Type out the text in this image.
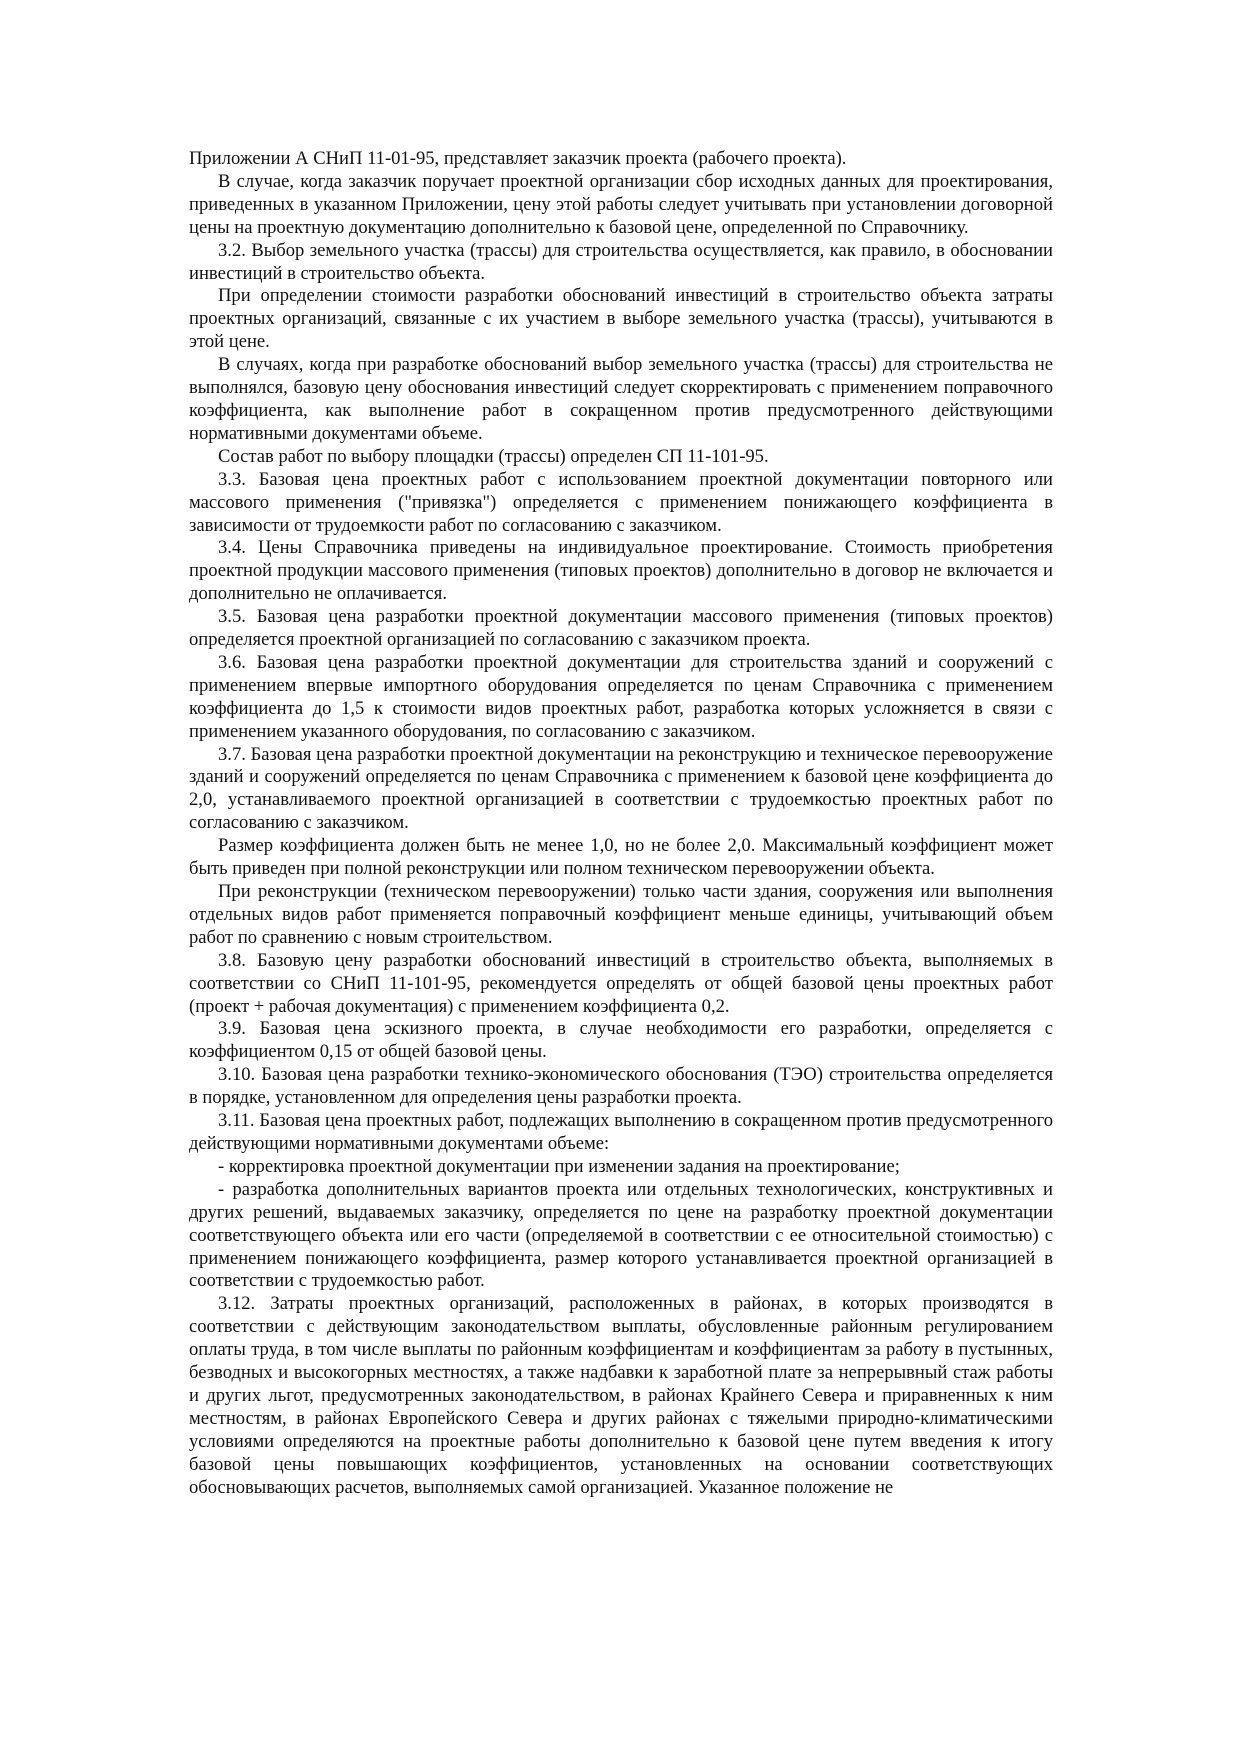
Приложении А СНиП 11-01-95, представляет заказчик проекта (рабочего проекта).

В случае, когда заказчик поручает проектной организации сбор исходных данных для проектирования, приведенных в указанном Приложении, цену этой работы следует учитывать при установлении договорной цены на проектную документацию дополнительно к базовой цене, определенной по Справочнику.

3.2. Выбор земельного участка (трассы) для строительства осуществляется, как правило, в обосновании инвестиций в строительство объекта.

При определении стоимости разработки обоснований инвестиций в строительство объекта затраты проектных организаций, связанные с их участием в выборе земельного участка (трассы), учитываются в этой цене.

В случаях, когда при разработке обоснований выбор земельного участка (трассы) для строительства не выполнялся, базовую цену обоснования инвестиций следует скорректировать с применением поправочного коэффициента, как выполнение работ в сокращенном против предусмотренного действующими нормативными документами объеме.

Состав работ по выбору площадки (трассы) определен СП 11-101-95.

3.3. Базовая цена проектных работ с использованием проектной документации повторного или массового применения ("привязка") определяется с применением понижающего коэффициента в зависимости от трудоемкости работ по согласованию с заказчиком.

3.4. Цены Справочника приведены на индивидуальное проектирование. Стоимость приобретения проектной продукции массового применения (типовых проектов) дополнительно в договор не включается и дополнительно не оплачивается.

3.5. Базовая цена разработки проектной документации массового применения (типовых проектов) определяется проектной организацией по согласованию с заказчиком проекта.

3.6. Базовая цена разработки проектной документации для строительства зданий и сооружений с применением впервые импортного оборудования определяется по ценам Справочника с применением коэффициента до 1,5 к стоимости видов проектных работ, разработка которых усложняется в связи с применением указанного оборудования, по согласованию с заказчиком.

3.7. Базовая цена разработки проектной документации на реконструкцию и техническое перевооружение зданий и сооружений определяется по ценам Справочника с применением к базовой цене коэффициента до 2,0, устанавливаемого проектной организацией в соответствии с трудоемкостью проектных работ по согласованию с заказчиком.

Размер коэффициента должен быть не менее 1,0, но не более 2,0. Максимальный коэффициент может быть приведен при полной реконструкции или полном техническом перевооружении объекта.

При реконструкции (техническом перевооружении) только части здания, сооружения или выполнения отдельных видов работ применяется поправочный коэффициент меньше единицы, учитывающий объем работ по сравнению с новым строительством.

3.8. Базовую цену разработки обоснований инвестиций в строительство объекта, выполняемых в соответствии со СНиП 11-101-95, рекомендуется определять от общей базовой цены проектных работ (проект + рабочая документация) с применением коэффициента 0,2.

3.9. Базовая цена эскизного проекта, в случае необходимости его разработки, определяется с коэффициентом 0,15 от общей базовой цены.

3.10. Базовая цена разработки технико-экономического обоснования (ТЭО) строительства определяется в порядке, установленном для определения цены разработки проекта.

3.11. Базовая цена проектных работ, подлежащих выполнению в сокращенном против предусмотренного действующими нормативными документами объеме:

- корректировка проектной документации при изменении задания на проектирование;

- разработка дополнительных вариантов проекта или отдельных технологических, конструктивных и других решений, выдаваемых заказчику, определяется по цене на разработку проектной документации соответствующего объекта или его части (определяемой в соответствии с ее относительной стоимостью) с применением понижающего коэффициента, размер которого устанавливается проектной организацией в соответствии с трудоемкостью работ.

3.12. Затраты проектных организаций, расположенных в районах, в которых производятся в соответствии с действующим законодательством выплаты, обусловленные районным регулированием оплаты труда, в том числе выплаты по районным коэффициентам и коэффициентам за работу в пустынных, безводных и высокогорных местностях, а также надбавки к заработной плате за непрерывный стаж работы и других льгот, предусмотренных законодательством, в районах Крайнего Севера и приравненных к ним местностям, в районах Европейского Севера и других районах с тяжелыми природно-климатическими условиями определяются на проектные работы дополнительно к базовой цене путем введения к итогу базовой цены повышающих коэффициентов, установленных на основании соответствующих обосновывающих расчетов, выполняемых самой организацией. Указанное положение не
